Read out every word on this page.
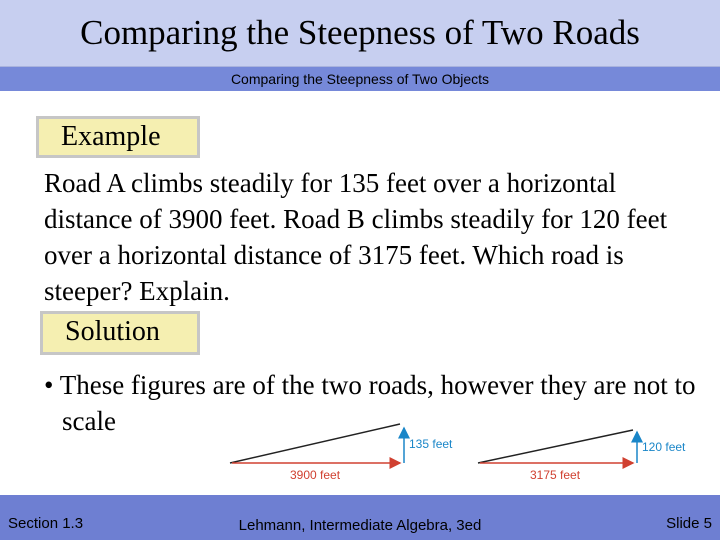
Comparing the Steepness of Two Roads
Comparing the Steepness of Two Objects
Example
Road A climbs steadily for 135 feet over a horizontal distance of 3900 feet. Road B climbs steadily for 120 feet over a horizontal distance of 3175 feet. Which road is steeper? Explain.
Solution
• These figures are of the two roads, however they are not to scale
135 feet
3900 feet
120 feet
3175 feet
Section 1.3	Lehmann, Intermediate Algebra, 3ed	Slide 5
